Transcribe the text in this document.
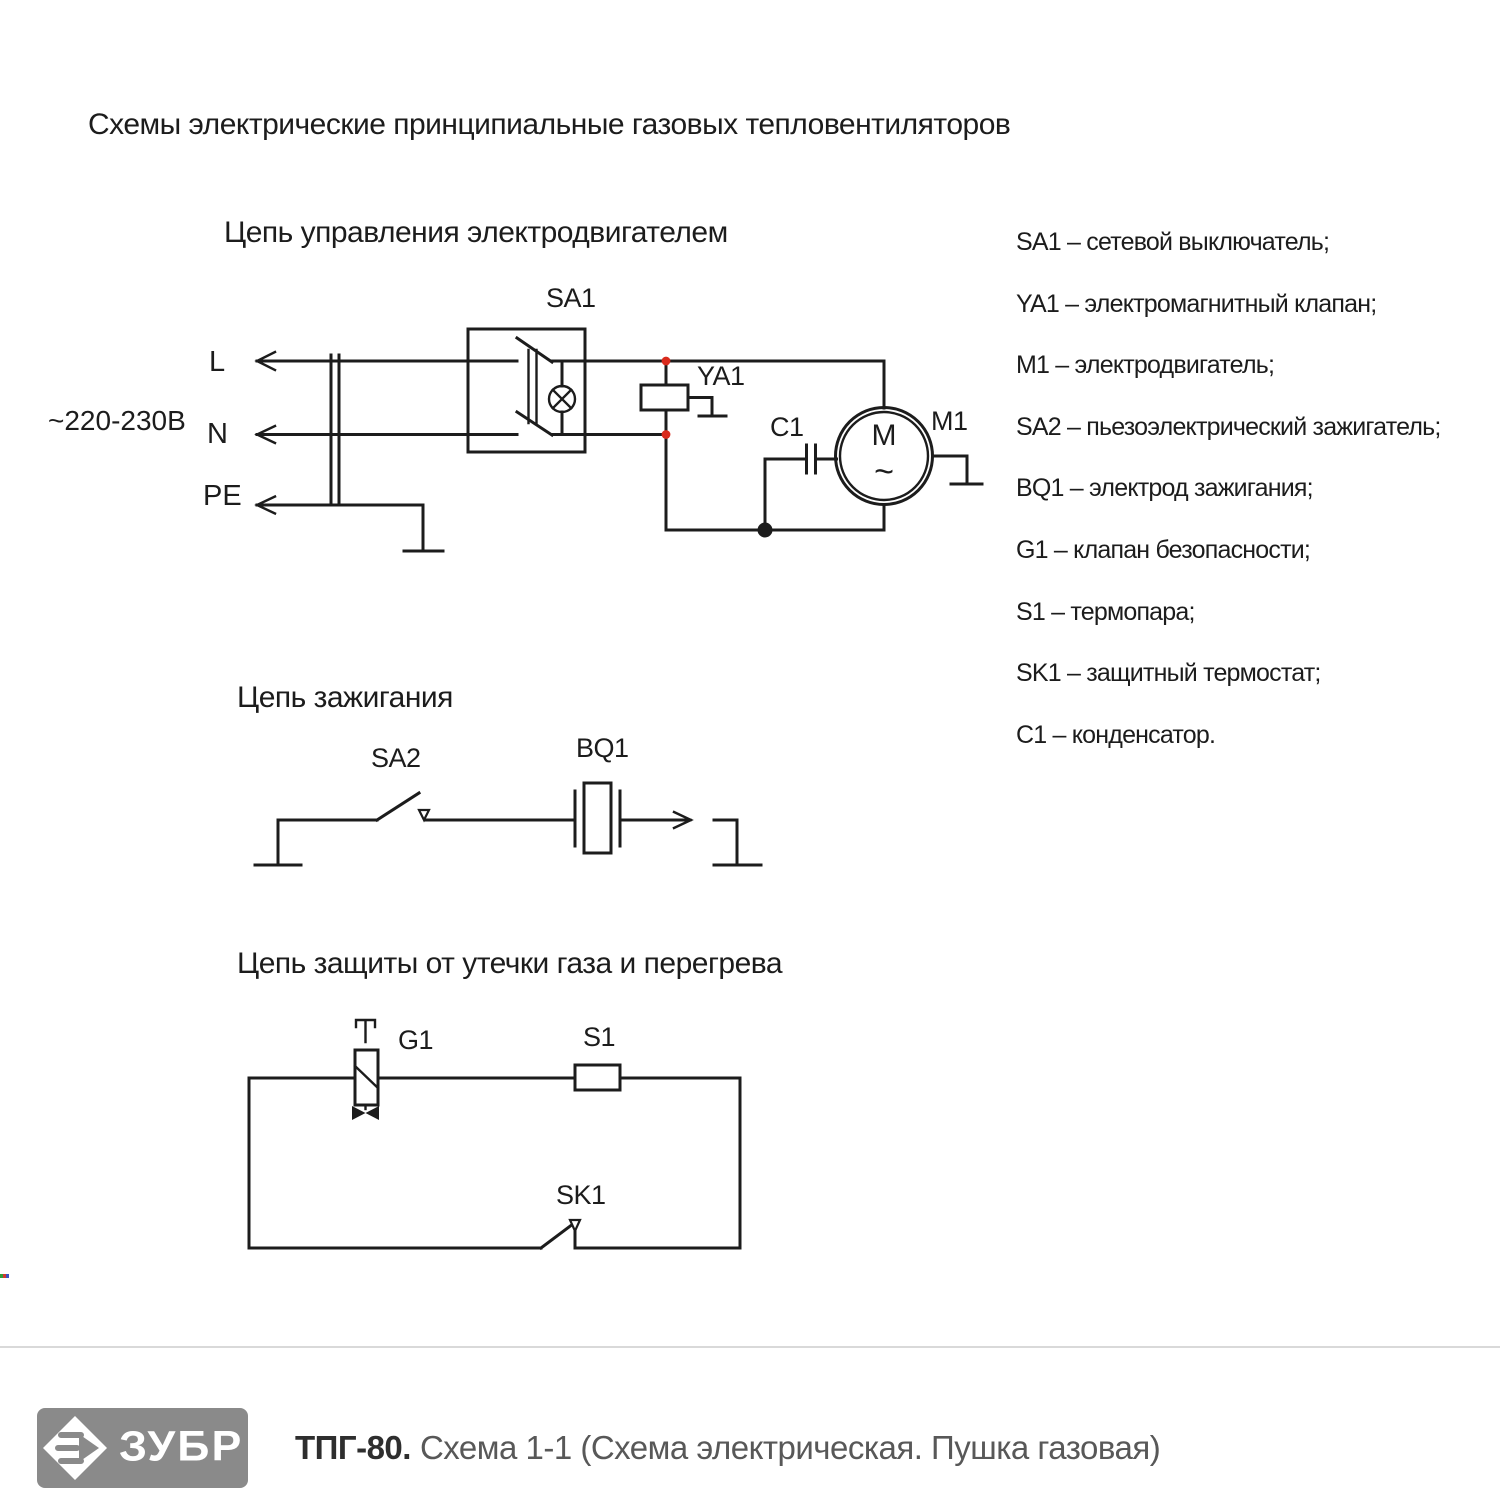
Схемы электрические принципиальные газовых тепловентиляторов
Цепь управления электродвигателем
~220-230В
L
N
PE
SA1
YA1
C1	M1
M
~
Цепь зажигания
SA2	BQ1
Цепь защиты от утечки газа и перегрева
G1	S1
SK1
SA1 – сетевой выключатель;
YA1 – электромагнитный клапан;
M1 – электродвигатель;
SA2 – пьезоэлектрический зажигатель;
BQ1 – электрод зажигания;
G1 – клапан безопасности;
S1 – термопара;
SK1 – защитный термостат;
C1 – конденсатор.
ЗУБР ТПГ-80. Схема 1-1 (Схема электрическая. Пушка газовая)
